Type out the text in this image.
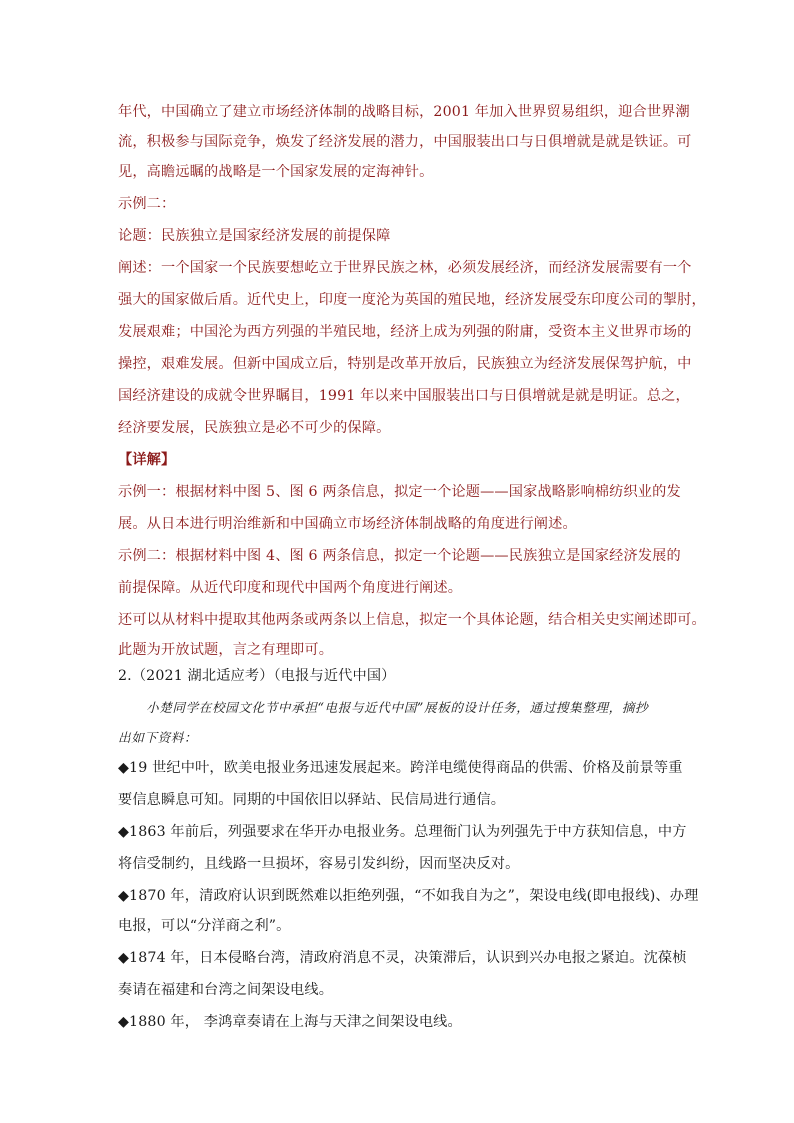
年代，中国确立了建立市场经济体制的战略目标，2001 年加入世界贸易组织，迎合世界潮
流，积极参与国际竞争，焕发了经济发展的潜力，中国服装出口与日俱增就是就是铁证。可
见，高瞻远瞩的战略是一个国家发展的定海神针。
示例二：
论题：民族独立是国家经济发展的前提保障
阐述：一个国家一个民族要想屹立于世界民族之林，必须发展经济，而经济发展需要有一个
强大的国家做后盾。近代史上，印度一度沦为英国的殖民地，经济发展受东印度公司的掣肘，
发展艰难；中国沦为西方列强的半殖民地，经济上成为列强的附庸，受资本主义世界市场的
操控，艰难发展。但新中国成立后，特别是改革开放后，民族独立为经济发展保驾护航，中
国经济建设的成就令世界瞩目，1991 年以来中国服装出口与日俱增就是就是明证。总之，
经济要发展，民族独立是必不可少的保障。
【详解】
示例一：根据材料中图 5、图 6 两条信息，拟定一个论题——国家战略影响棉纺织业的发
展。从日本进行明治维新和中国确立市场经济体制战略的角度进行阐述。
示例二：根据材料中图 4、图 6 两条信息，拟定一个论题——民族独立是国家经济发展的
前提保障。从近代印度和现代中国两个角度进行阐述。
还可以从材料中提取其他两条或两条以上信息，拟定一个具体论题，结合相关史实阐述即可。
此题为开放试题，言之有理即可。
2.（2021 湖北适应考）（电报与近代中国）
小楚同学在校园文化节中承担“电报与近代中国”展板的设计任务，通过搜集整理，摘抄
出如下资料：
◆19 世纪中叶，欧美电报业务迅速发展起来。跨洋电缆使得商品的供需、价格及前景等重
要信息瞬息可知。同期的中国依旧以驿站、民信局进行通信。
◆1863 年前后，列强要求在华开办电报业务。总理衙门认为列强先于中方获知信息，中方
将信受制约，且线路一旦损坏，容易引发纠纷，因而坚决反对。
◆1870 年，清政府认识到既然难以拒绝列强，“不如我自为之”，架设电线(即电报线)、办理
电报，可以“分洋商之利”。
◆1874 年，日本侵略台湾，清政府消息不灵，决策滞后，认识到兴办电报之紧迫。沈葆桢
奏请在福建和台湾之间架设电线。
◆1880 年， 李鸿章奏请在上海与天津之间架设电线。
